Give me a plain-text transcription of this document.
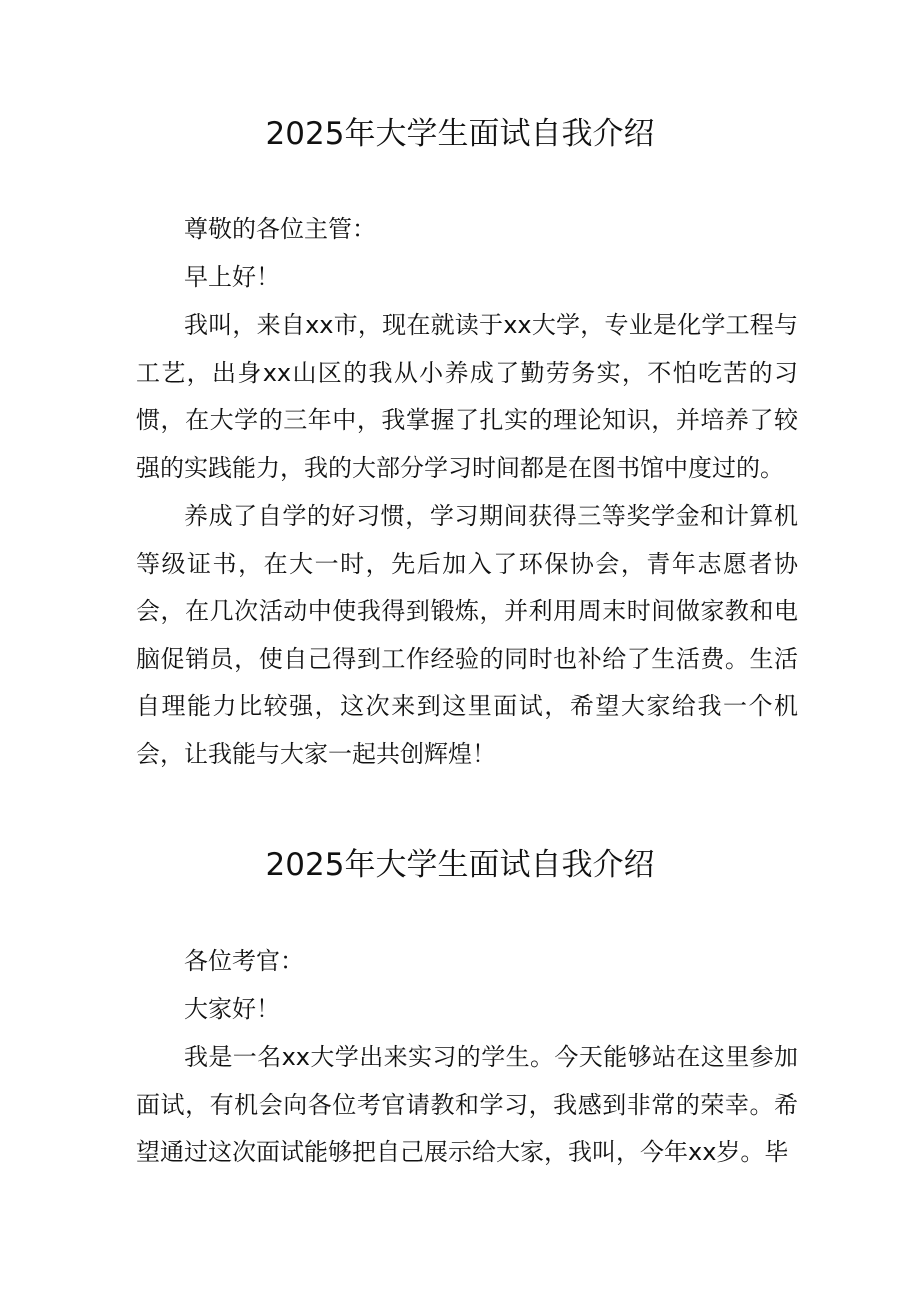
2025年大学生面试自我介绍

尊敬的各位主管：

早上好！

我叫，来自xx市，现在就读于xx大学，专业是化学工程与工艺，出身xx山区的我从小养成了勤劳务实，不怕吃苦的习惯，在大学的三年中，我掌握了扎实的理论知识，并培养了较强的实践能力，我的大部分学习时间都是在图书馆中度过的。

养成了自学的好习惯，学习期间获得三等奖学金和计算机等级证书，在大一时，先后加入了环保协会，青年志愿者协会，在几次活动中使我得到锻炼，并利用周末时间做家教和电脑促销员，使自己得到工作经验的同时也补给了生活费。生活自理能力比较强，这次来到这里面试，希望大家给我一个机会，让我能与大家一起共创辉煌！

2025年大学生面试自我介绍

各位考官：

大家好！

我是一名xx大学出来实习的学生。今天能够站在这里参加面试，有机会向各位考官请教和学习，我感到非常的荣幸。希望通过这次面试能够把自己展示给大家，我叫，今年xx岁。毕
